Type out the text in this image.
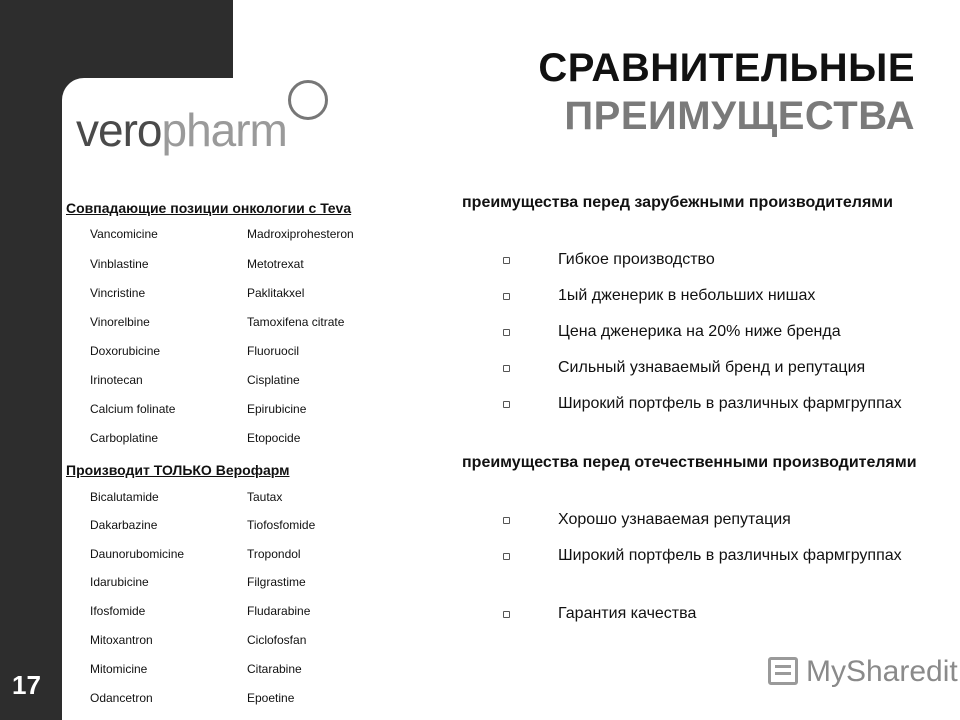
veropharm
СРАВНИТЕЛЬНЫЕ
ПРЕИМУЩЕСТВА
Совпадающие позиции онкологии с Teva
Vancomicine	Madroxiprohesteron
Vinblastine	Metotrexat
Vincristine	Paklitakxel
Vinorelbine	Tamoxifena citrate
Doxorubicine	Fluoruocil
Irinotecan	Cisplatine
Calcium folinate	Epirubicine
Carboplatine	Etopocide
Производит ТОЛЬКО Верофарм
Bicalutamide	Tautax
Dakarbazine	Tiofosfomide
Daunorubomicine	Tropondol
Idarubicine	Filgrastime
Ifosfomide	Fludarabine
Mitoxantron	Ciclofosfan
Mitomicine	Citarabine
Odancetron	Epoetine
преимущества перед зарубежными производителями
Гибкое производство
1ый дженерик в небольших нишах
Цена дженерика на 20% ниже бренда
Сильный узнаваемый бренд и репутация
Широкий портфель в различных фармгруппах
преимущества перед отечественными производителями
Хорошо узнаваемая репутация
Широкий портфель в различных фармгруппах
Гарантия качества
17	MySharedit
